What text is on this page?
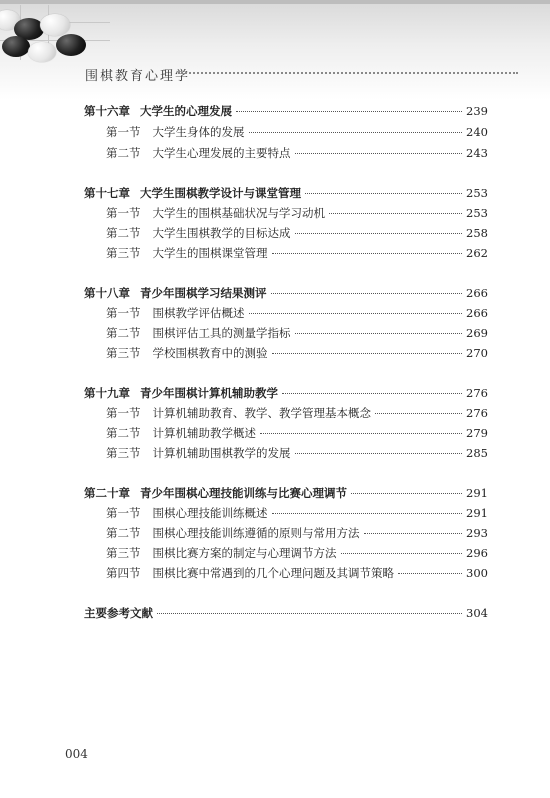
围棋教育心理学
第十六章 大学生的心理发展	239
第一节 大学生身体的发展	240
第二节 大学生心理发展的主要特点	243
第十七章 大学生围棋教学设计与课堂管理	253
第一节 大学生的围棋基础状况与学习动机	253
第二节 大学生围棋教学的目标达成	258
第三节 大学生的围棋课堂管理	262
第十八章 青少年围棋学习结果测评	266
第一节 围棋教学评估概述	266
第二节 围棋评估工具的测量学指标	269
第三节 学校围棋教育中的测验	270
第十九章 青少年围棋计算机辅助教学	276
第一节 计算机辅助教育、教学、教学管理基本概念	276
第二节 计算机辅助教学概述	279
第三节 计算机辅助围棋教学的发展	285
第二十章 青少年围棋心理技能训练与比赛心理调节	291
第一节 围棋心理技能训练概述	291
第二节 围棋心理技能训练遵循的原则与常用方法	293
第三节 围棋比赛方案的制定与心理调节方法	296
第四节 围棋比赛中常遇到的几个心理问题及其调节策略	300
主要参考文献	304
004
